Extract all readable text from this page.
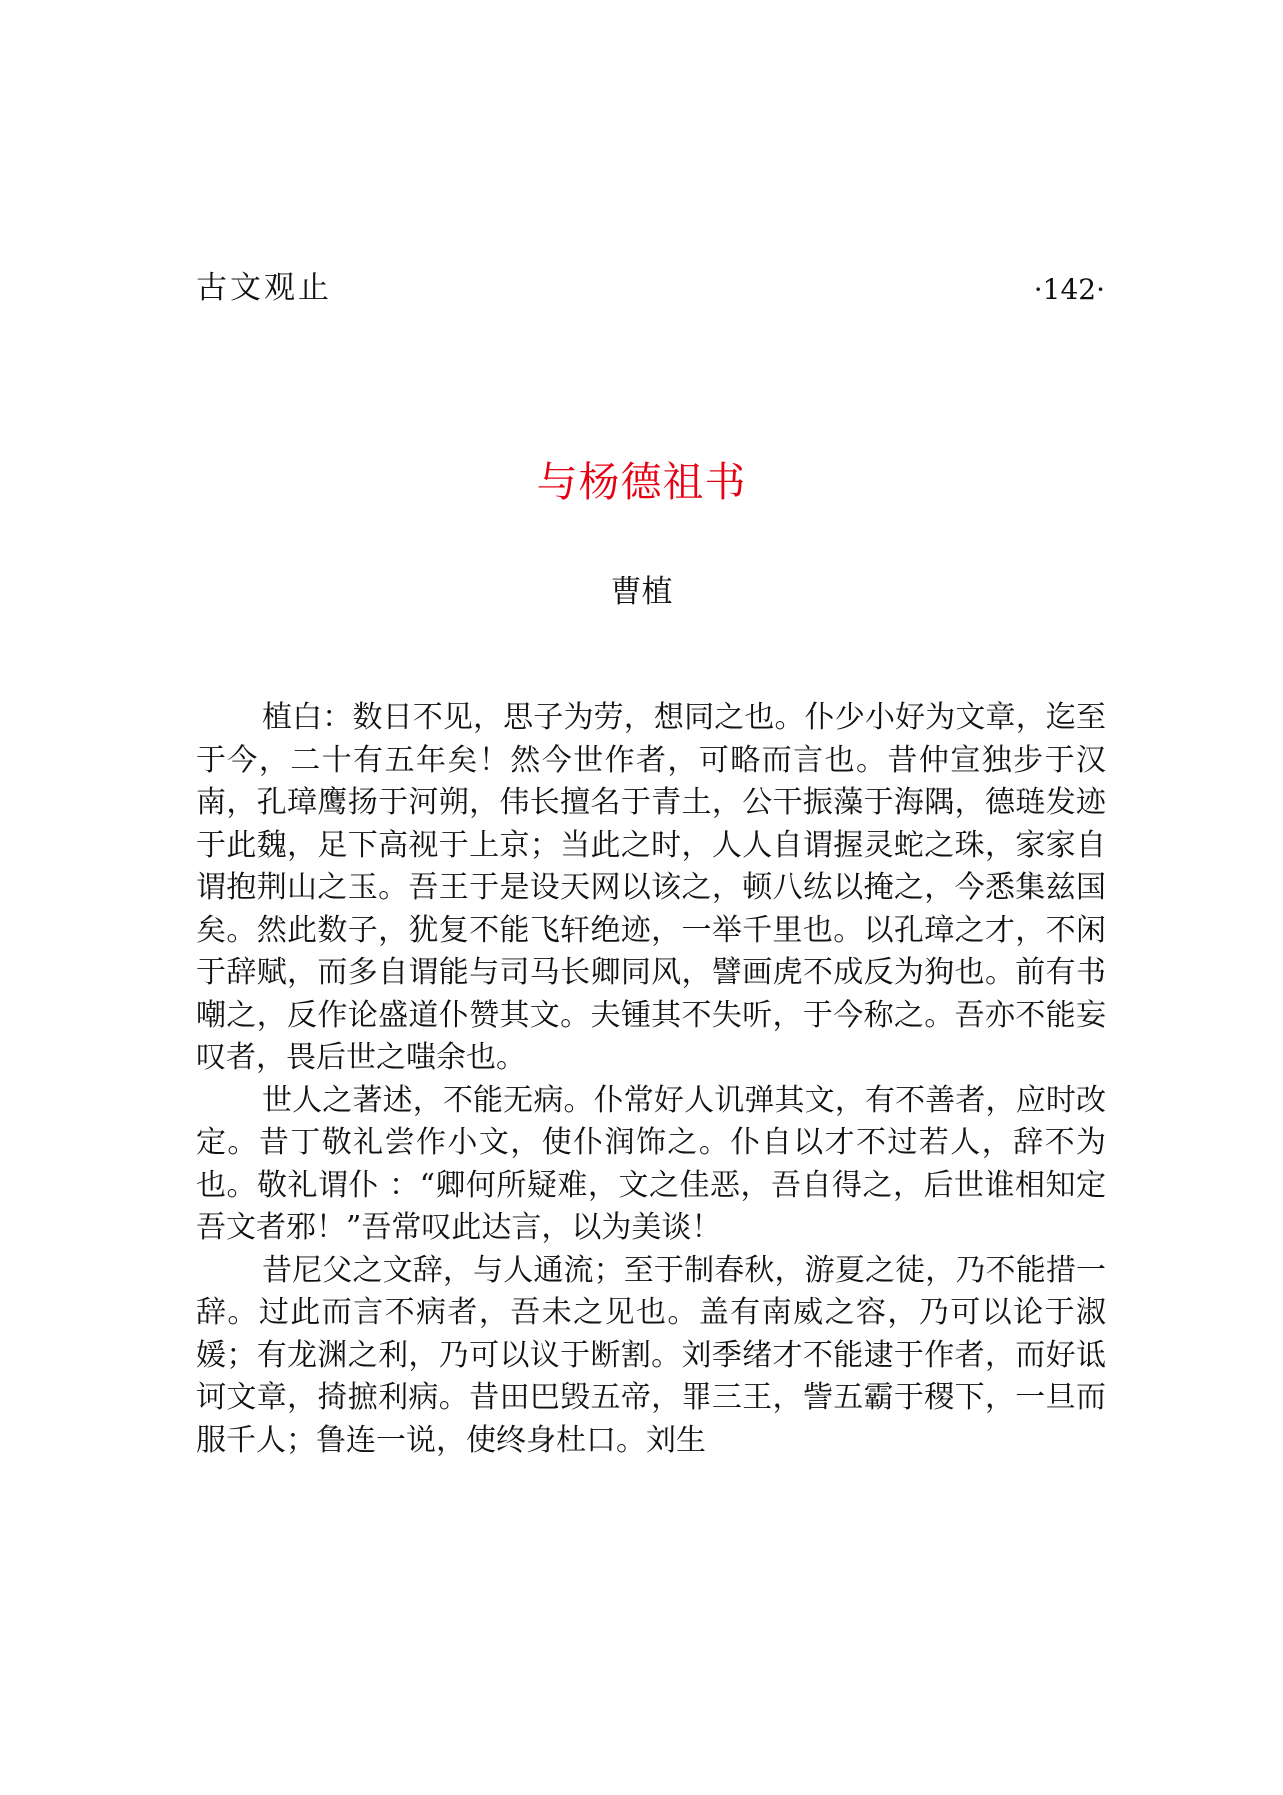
古文观止	·142·
与杨德祖书
曹植

植白：数日不见，思子为劳，想同之也。仆少小好为文章，迄至于今，二十有五年矣！然今世作者，可略而言也。昔仲宣独步于汉南，孔璋鹰扬于河朔，伟长擅名于青土，公干振藻于海隅，德琏发迹于此魏，足下高视于上京；当此之时，人人自谓握灵蛇之珠，家家自谓抱荆山之玉。吾王于是设天网以该之，顿八纮以掩之，今悉集兹国矣。然此数子，犹复不能飞轩绝迹，一举千里也。以孔璋之才，不闲于辞赋，而多自谓能与司马长卿同风，譬画虎不成反为狗也。前有书嘲之，反作论盛道仆赞其文。夫锺其不失听，于今称之。吾亦不能妄叹者，畏后世之嗤余也。

世人之著述，不能无病。仆常好人讥弹其文，有不善者，应时改定。昔丁敬礼尝作小文，使仆润饰之。仆自以才不过若人，辞不为也。敬礼谓仆 ：“卿何所疑难，文之佳恶，吾自得之，后世谁相知定吾文者邪！”吾常叹此达言，以为美谈！

昔尼父之文辞，与人通流；至于制春秋，游夏之徒，乃不能措一辞。过此而言不病者，吾未之见也。盖有南威之容，乃可以论于淑媛；有龙渊之利，乃可以议于断割。刘季绪才不能逮于作者，而好诋诃文章，掎摭利病。昔田巴毁五帝，罪三王，訾五霸于稷下，一旦而服千人；鲁连一说，使终身杜口。刘生
